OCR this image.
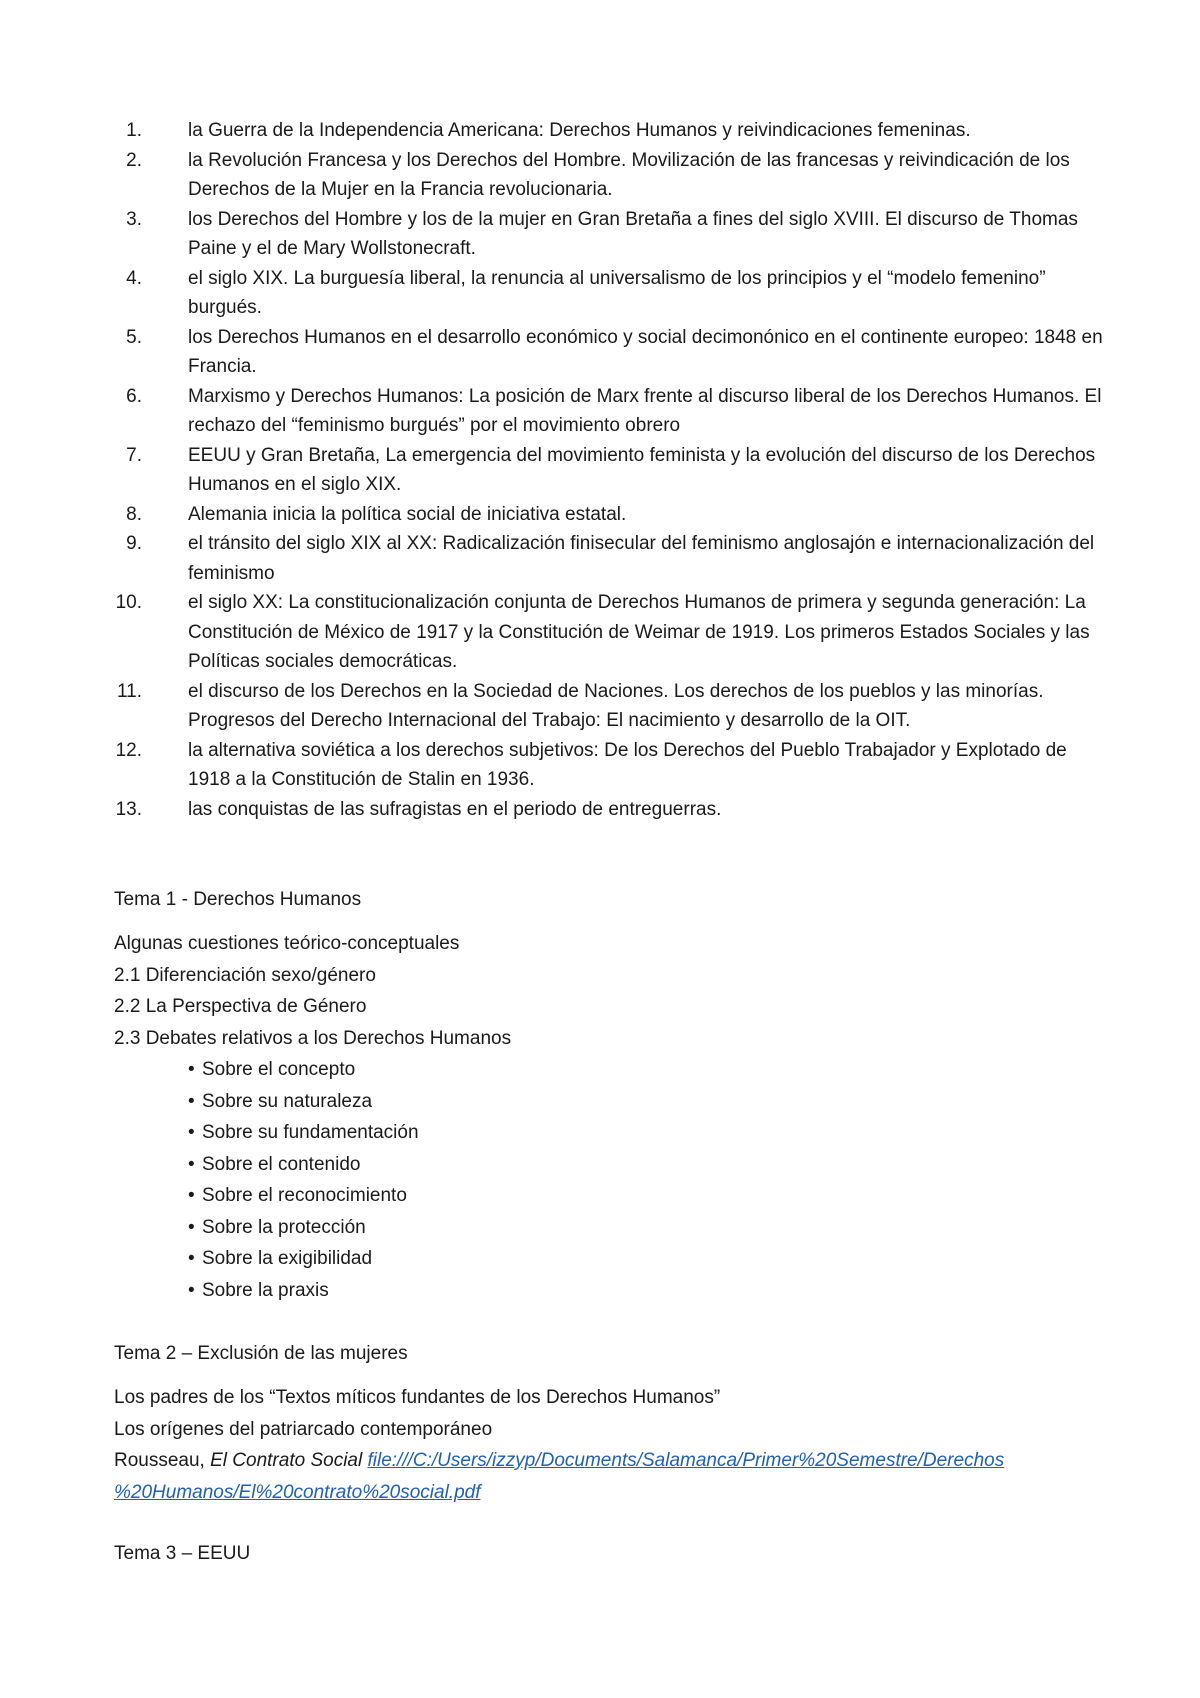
1.	la Guerra de la Independencia Americana: Derechos Humanos y reivindicaciones femeninas.
2.	la Revolución Francesa y los Derechos del Hombre. Movilización de las francesas y reivindicación de los Derechos de la Mujer en la Francia revolucionaria.
3.	los Derechos del Hombre y los de la mujer en Gran Bretaña a fines del siglo XVIII. El discurso de Thomas Paine y el de Mary Wollstonecraft.
4.	el siglo XIX. La burguesía liberal, la renuncia al universalismo de los principios y el “modelo femenino” burgués.
5.	los Derechos Humanos en el desarrollo económico y social decimonónico en el continente europeo: 1848 en Francia.
6.	Marxismo y Derechos Humanos: La posición de Marx frente al discurso liberal de los Derechos Humanos. El rechazo del “feminismo burgués” por el movimiento obrero
7.	EEUU y Gran Bretaña, La emergencia del movimiento feminista y la evolución del discurso de los Derechos Humanos en el siglo XIX.
8.	Alemania inicia la política social de iniciativa estatal.
9.	el tránsito del siglo XIX al XX: Radicalización finisecular del feminismo anglosajón e internacionalización del feminismo
10.	el siglo XX: La constitucionalización conjunta de Derechos Humanos de primera y segunda generación: La Constitución de México de 1917 y la Constitución de Weimar de 1919. Los primeros Estados Sociales y las Políticas sociales democráticas.
11.	el discurso de los Derechos en la Sociedad de Naciones. Los derechos de los pueblos y las minorías. Progresos del Derecho Internacional del Trabajo: El nacimiento y desarrollo de la OIT.
12.	la alternativa soviética a los derechos subjetivos: De los Derechos del Pueblo Trabajador y Explotado de 1918 a la Constitución de Stalin en 1936.
13.	las conquistas de las sufragistas en el periodo de entreguerras.
Tema 1 - Derechos Humanos
Algunas cuestiones teórico-conceptuales
2.1 Diferenciación sexo/género
2.2 La Perspectiva de Género
2.3 Debates relativos a los Derechos Humanos
• Sobre el concepto
• Sobre su naturaleza
• Sobre su fundamentación
• Sobre el contenido
• Sobre el reconocimiento
• Sobre la protección
• Sobre la exigibilidad
• Sobre la praxis
Tema 2 – Exclusión de las mujeres
Los padres de los “Textos míticos fundantes de los Derechos Humanos”
Los orígenes del patriarcado contemporáneo
Rousseau, El Contrato Social file:///C:/Users/izzyp/Documents/Salamanca/Primer%20Semestre/Derechos
%20Humanos/El%20contrato%20social.pdf
Tema 3 – EEUU
